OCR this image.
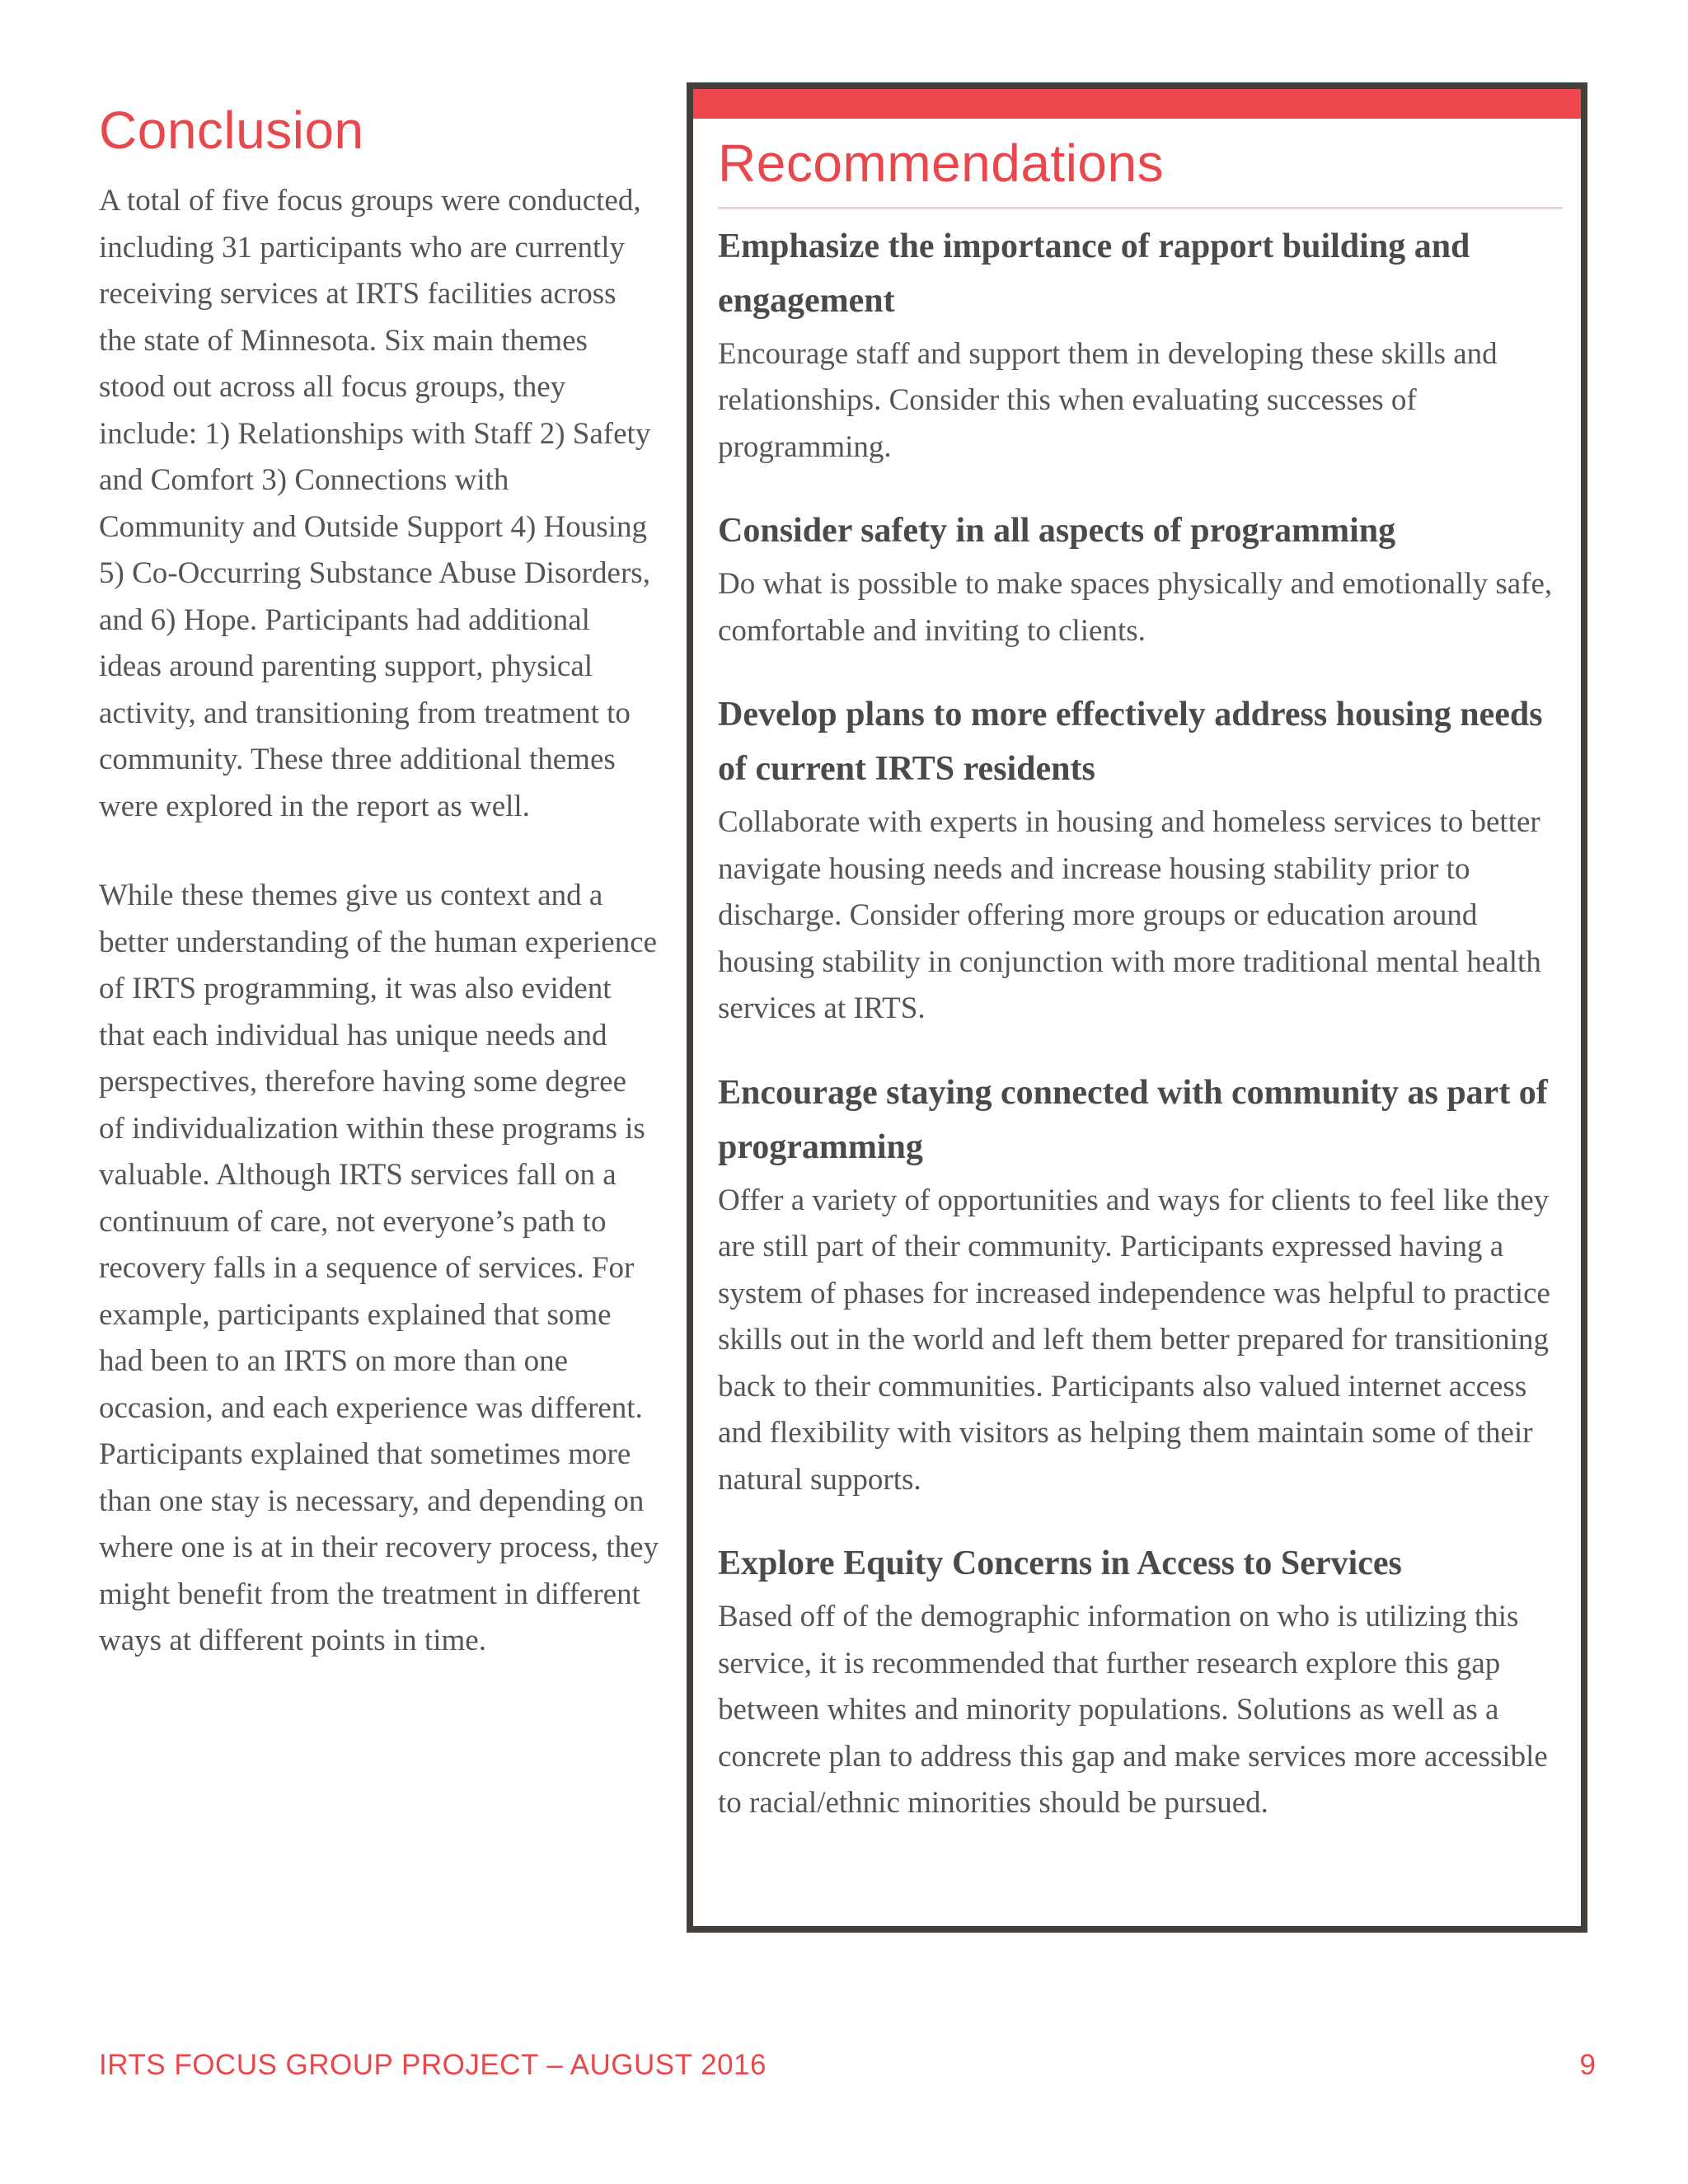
Conclusion

A total of five focus groups were conducted, including 31 participants who are currently receiving services at IRTS facilities across the state of Minnesota. Six main themes stood out across all focus groups, they include: 1) Relationships with Staff 2) Safety and Comfort 3) Connections with Community and Outside Support 4) Housing 5) Co-Occurring Substance Abuse Disorders, and 6) Hope. Participants had additional ideas around parenting support, physical activity, and transitioning from treatment to community. These three additional themes were explored in the report as well.

While these themes give us context and a better understanding of the human experience of IRTS programming, it was also evident that each individual has unique needs and perspectives, therefore having some degree of individualization within these programs is valuable. Although IRTS services fall on a continuum of care, not everyone’s path to recovery falls in a sequence of services. For example, participants explained that some had been to an IRTS on more than one occasion, and each experience was different. Participants explained that sometimes more than one stay is necessary, and depending on where one is at in their recovery process, they might benefit from the treatment in different ways at different points in time.

Recommendations
Emphasize the importance of rapport building and engagement

Encourage staff and support them in developing these skills and relationships. Consider this when evaluating successes of programming.

Consider safety in all aspects of programming

Do what is possible to make spaces physically and emotionally safe, comfortable and inviting to clients.

Develop plans to more effectively address housing needs of current IRTS residents

Collaborate with experts in housing and homeless services to better navigate housing needs and increase housing stability prior to discharge. Consider offering more groups or education around housing stability in conjunction with more traditional mental health services at IRTS.

Encourage staying connected with community as part of programming

Offer a variety of opportunities and ways for clients to feel like they are still part of their community. Participants expressed having a system of phases for increased independence was helpful to practice skills out in the world and left them better prepared for transitioning back to their communities. Participants also valued internet access and flexibility with visitors as helping them maintain some of their natural supports.

Explore Equity Concerns in Access to Services

Based off of the demographic information on who is utilizing this service, it is recommended that further research explore this gap between whites and minority populations. Solutions as well as a concrete plan to address this gap and make services more accessible to racial/ethnic minorities should be pursued.

IRTS FOCUS GROUP PROJECT – AUGUST 2016	9
